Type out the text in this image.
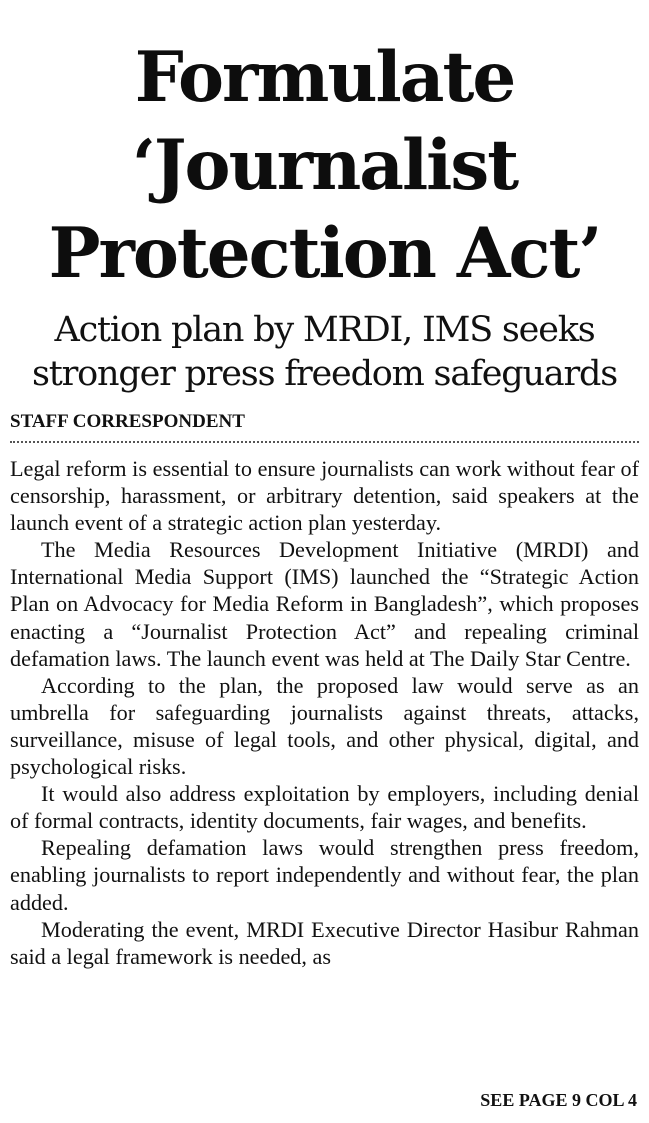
Formulate
‘Journalist
Protection Act’
Action plan by MRDI, IMS seeks
stronger press freedom safeguards
STAFF CORRESPONDENT

Legal reform is essential to ensure journalists can work without fear of censorship, harassment, or arbitrary detention, said speakers at the launch event of a strategic action plan yesterday.

The Media Resources Development Initiative (MRDI) and International Media Support (IMS) launched the “Strategic Action Plan on Advocacy for Media Reform in Bangladesh”, which proposes enacting a “Journalist Protection Act” and repealing criminal defamation laws. The launch event was held at The Daily Star Centre.

According to the plan, the proposed law would serve as an umbrella for safeguarding journalists against threats, attacks, surveillance, misuse of legal tools, and other physical, digital, and psychological risks.

It would also address exploitation by employers, including denial of formal contracts, identity documents, fair wages, and benefits.

Repealing defamation laws would strengthen press freedom, enabling journalists to report independently and without fear, the plan added.

Moderating the event, MRDI Executive Director Hasibur Rahman said a legal framework is needed, as

SEE PAGE 9 COL 4
